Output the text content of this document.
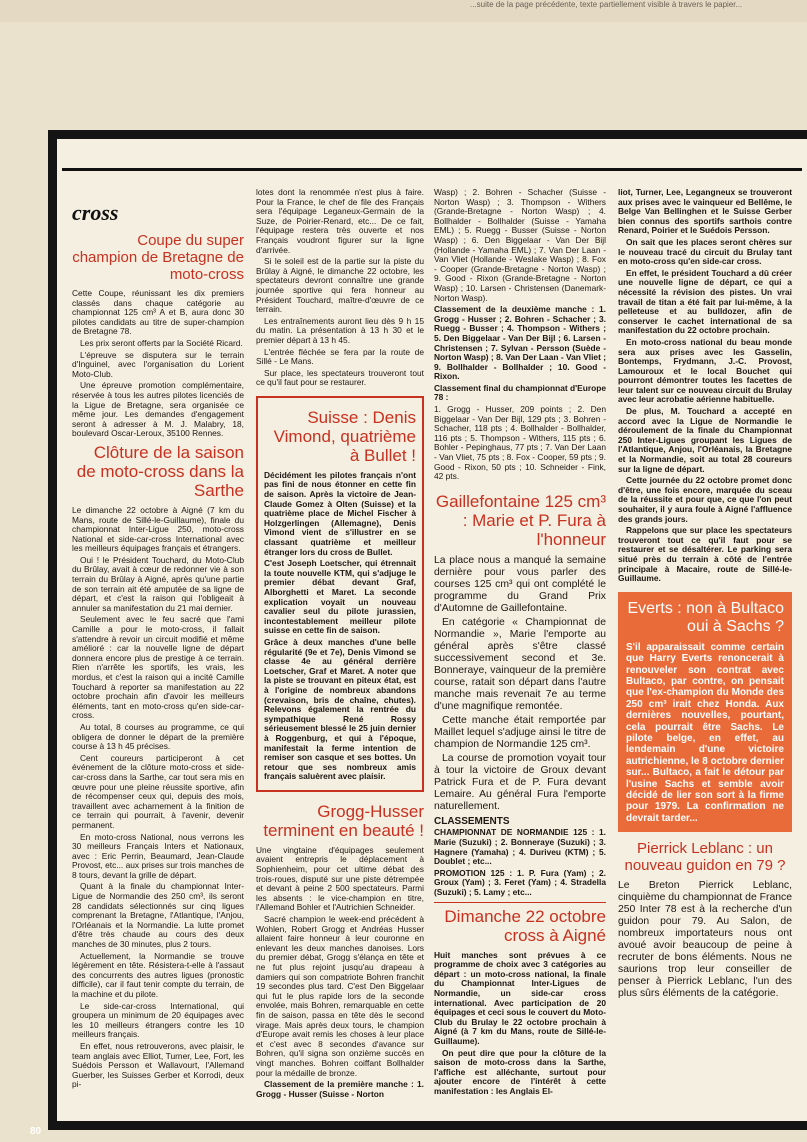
...suite de la page précédente, texte partiellement visible à travers le papier...

80
cross
Coupe du super champion de Bretagne de moto-cross

Cette Coupe, réunissant les dix premiers classés dans chaque catégorie au championnat 125 cm³ A et B, aura donc 30 pilotes candidats au titre de super-champion de Bretagne 78.

Les prix seront offerts par la Société Ricard.

L'épreuve se disputera sur le terrain d'Inguinel, avec l'organisation du Lorient Moto-Club.

Une épreuve promotion complémentaire, réservée à tous les autres pilotes licenciés de la Ligue de Bretagne, sera organisée ce même jour. Les demandes d'engagement seront à adresser à M. J. Malabry, 18, boulevard Oscar-Leroux, 35100 Rennes.

Clôture de la saison de moto-cross dans la Sarthe

Le dimanche 22 octobre à Aigné (7 km du Mans, route de Sillé-le-Guillaume), finale du championnat Inter-Ligue 250, moto-cross National et side-car-cross International avec les meilleurs équipages français et étrangers.

Oui ! le Président Touchard, du Moto-Club du Brûlay, avait à cœur de redonner vie à son terrain du Brûlay à Aigné, après qu'une partie de son terrain ait été amputée de sa ligne de départ, et c'est la raison qui l'obligeait à annuler sa manifestation du 21 mai dernier.

Seulement avec le feu sacré que l'ami Camille a pour le moto-cross, il fallait s'attendre à revoir un circuit modifié et même amélioré : car la nouvelle ligne de départ donnera encore plus de prestige à ce terrain. Rien n'arrête les sportifs, les vrais, les mordus, et c'est la raison qui a incité Camille Touchard à reporter sa manifestation au 22 octobre prochain afin d'avoir les meilleurs éléments, tant en moto-cross qu'en side-car-cross.

Au total, 8 courses au programme, ce qui obligera de donner le départ de la première course à 13 h 45 précises.

Cent coureurs participeront à cet événement de la clôture moto-cross et side-car-cross dans la Sarthe, car tout sera mis en œuvre pour une pleine réussite sportive, afin de récompenser ceux qui, depuis des mois, travaillent avec acharnement à la finition de ce terrain qui pourrait, à l'avenir, devenir permanent.

En moto-cross National, nous verrons les 30 meilleurs Français Inters et Nationaux, avec : Eric Perrin, Beaumard, Jean-Claude Provost, etc... aux prises sur trois manches de 8 tours, devant la grille de départ.

Quant à la finale du championnat Inter-Ligue de Normandie des 250 cm³, ils seront 28 candidats sélectionnés sur cinq ligues comprenant la Bretagne, l'Atlantique, l'Anjou, l'Orléanais et la Normandie. La lutte promet d'être très chaude au cours des deux manches de 30 minutes, plus 2 tours.

Actuellement, la Normandie se trouve légèrement en tête. Résistera-t-elle à l'assaut des concurrents des autres ligues (pronostic difficile), car il faut tenir compte du terrain, de la machine et du pilote.

Le side-car-cross International, qui groupera un minimum de 20 équipages avec les 10 meilleurs étrangers contre les 10 meilleurs français.

En effet, nous retrouverons, avec plaisir, le team anglais avec Elliot, Turner, Lee, Fort, les Suédois Persson et Wallavourt, l'Allemand Guerber, les Suisses Gerber et Korrodi, deux pi-

lotes dont la renommée n'est plus à faire. Pour la France, le chef de file des Français sera l'équipage Leganeux-Germain de la Suze, de Poirier-Renard, etc... De ce fait, l'équipage restera très ouverte et nos Français voudront figurer sur la ligne d'arrivée.

Si le soleil est de la partie sur la piste du Brûlay à Aigné, le dimanche 22 octobre, les spectateurs devront connaître une grande journée sportive qui fera honneur au Président Touchard, maître-d'œuvre de ce terrain.

Les entraînements auront lieu dès 9 h 15 du matin. La présentation à 13 h 30 et le premier départ à 13 h 45.

L'entrée fléchée se fera par la route de Sillé - Le Mans.

Sur place, les spectateurs trouveront tout ce qu'il faut pour se restaurer.

Suisse : Denis Vimond, quatrième à Bullet !

Décidément les pilotes français n'ont pas fini de nous étonner en cette fin de saison. Après la victoire de Jean-Claude Gomez à Olten (Suisse) et la quatrième place de Michel Fischer à Holzgerlingen (Allemagne), Denis Vimond vient de s'illustrer en se classant quatrième et meilleur étranger lors du cross de Bullet.

C'est Joseph Loetscher, qui étrennait la toute nouvelle KTM, qui s'adjuge le premier débat devant Graf, Alborghetti et Maret. La seconde explication voyait un nouveau cavalier seul du pilote jurassien, incontestablement meilleur pilote suisse en cette fin de saison.

Grâce à deux manches d'une belle régularité (9e et 7e), Denis Vimond se classe 4e au général derrière Loetscher, Graf et Maret. A noter que la piste se trouvant en piteux état, est à l'origine de nombreux abandons (crevaison, bris de chaîne, chutes). Relevons également la rentrée du sympathique René Rossy sérieusement blessé le 25 juin dernier à Roggenburg, et qui à l'époque, manifestait la ferme intention de remiser son casque et ses bottes. Un retour que ses nombreux amis français saluèrent avec plaisir.

Grogg-Husser terminent en beauté !

Une vingtaine d'équipages seulement avaient entrepris le déplacement à Sophienheim, pour cet ultime débat des trois-roues, disputé sur une piste détrempée et devant à peine 2 500 spectateurs. Parmi les absents : le vice-champion en titre, l'Allemand Bohler et l'Autrichien Schneider.

Sacré champion le week-end précédent à Wohlen, Robert Grogg et Andréas Husser allaient faire honneur à leur couronne en enlevant les deux manches danoises. Lors du premier débat, Grogg s'élança en tête et ne fut plus rejoint jusqu'au drapeau à damiers qui son compatriote Bohren franchit 19 secondes plus tard. C'est Den Biggelaar qui fut le plus rapide lors de la seconde envolée, mais Bohren, remarquable en cette fin de saison, passa en tête dès le second virage. Mais après deux tours, le champion d'Europe avait remis les choses à leur place et c'est avec 8 secondes d'avance sur Bohren, qu'il signa son onzième succès en vingt manches. Bohren coiffant Bollhalder pour la médaille de bronze.

Classement de la première manche : 1. Grogg - Husser (Suisse - Norton

Wasp) ; 2. Bohren - Schacher (Suisse - Norton Wasp) ; 3. Thompson - Withers (Grande-Bretagne - Norton Wasp) ; 4. Bollhalder - Bollhalder (Suisse - Yamaha EML) ; 5. Ruegg - Busser (Suisse - Norton Wasp) ; 6. Den Biggelaar - Van Der Bijl (Hollande - Yamaha EML) ; 7. Van Der Laan - Van Vliet (Hollande - Weslake Wasp) ; 8. Fox - Cooper (Grande-Bretagne - Norton Wasp) ; 9. Good - Rixon (Grande-Bretagne - Norton Wasp) ; 10. Larsen - Christensen (Danemark-Norton Wasp).

Classement de la deuxième manche : 1. Grogg - Husser ; 2. Bohren - Schacher ; 3. Ruegg - Busser ; 4. Thompson - Withers ; 5. Den Biggelaar - Van Der Bijl ; 6. Larsen - Christensen ; 7. Sylvan - Persson (Suède - Norton Wasp) ; 8. Van Der Laan - Van Vliet ; 9. Bollhalder - Bollhalder ; 10. Good - Rixon.

Classement final du championnat d'Europe 78 :

1. Grogg - Husser, 209 points ; 2. Den Biggelaar - Van Der Bijl, 129 pts ; 3. Bohren - Schacher, 118 pts ; 4. Bollhalder - Bollhalder, 116 pts ; 5. Thompson - Withers, 115 pts ; 6. Bohler - Pepinghaus, 77 pts ; 7. Van Der Laan - Van Vliet, 75 pts ; 8. Fox - Cooper, 59 pts ; 9. Good - Rixon, 50 pts ; 10. Schneider - Fink, 42 pts.

Gaillefontaine 125 cm³ : Marie et P. Fura à l'honneur

La place nous a manqué la semaine dernière pour vous parler des courses 125 cm³ qui ont complété le programme du Grand Prix d'Automne de Gaillefontaine.

En catégorie « Championnat de Normandie », Marie l'emporte au général après s'être classé successivement second et 3e. Bonneraye, vainqueur de la première course, ratait son départ dans l'autre manche mais revenait 7e au terme d'une magnifique remontée.

Cette manche était remportée par Maillet lequel s'adjuge ainsi le titre de champion de Normandie 125 cm³.

La course de promotion voyait tour à tour la victoire de Groux devant Patrick Fura et de P. Fura devant Lemaire. Au général Fura l'emporte naturellement.

CLASSEMENTS

CHAMPIONNAT DE NORMANDIE 125 : 1. Marie (Suzuki) ; 2. Bonneraye (Suzuki) ; 3. Hagnere (Yamaha) ; 4. Duriveu (KTM) ; 5. Doublet ; etc...

PROMOTION 125 : 1. P. Fura (Yam) ; 2. Groux (Yam) ; 3. Feret (Yam) ; 4. Stradella (Suzuki) ; 5. Lamy ; etc...

Dimanche 22 octobre cross à Aigné

Huit manches sont prévues à ce programme de choix avec 3 catégories au départ : un moto-cross national, la finale du Championnat Inter-Ligues de Normandie, un side-car cross international. Avec participation de 20 équipages et ceci sous le couvert du Moto-Club du Brulay le 22 octobre prochain à Aigné (à 7 km du Mans, route de Sillé-le-Guillaume).

On peut dire que pour la clôture de la saison de moto-cross dans la Sarthe, l'affiche est alléchante, surtout pour ajouter encore de l'intérêt à cette manifestation : les Anglais El-

liot, Turner, Lee, Legangneux se trouveront aux prises avec le vainqueur ed Bellême, le Belge Van Bellinghen et le Suisse Gerber bien connus des sportifs sarthois contre Renard, Poirier et le Suédois Persson.

On sait que les places seront chères sur le nouveau tracé du circuit du Brulay tant en moto-cross qu'en side-car cross.

En effet, le président Touchard a dû créer une nouvelle ligne de départ, ce qui a nécessité la révision des pistes. Un vrai travail de titan a été fait par lui-même, à la pelleteuse et au bulldozer, afin de conserver le cachet international de sa manifestation du 22 octobre prochain.

En moto-cross national du beau monde sera aux prises avec les Gasselin, Bontemps, Frydmann, J.-C. Provost, Lamouroux et le local Bouchet qui pourront démontrer toutes les facettes de leur talent sur ce nouveau circuit du Brulay avec leur acrobatie aérienne habituelle.

De plus, M. Touchard a accepté en accord avec la Ligue de Normandie le déroulement de la finale du Championnat 250 Inter-Ligues groupant les Ligues de l'Atlantique, Anjou, l'Orléanais, la Bretagne et la Normandie, soit au total 28 coureurs sur la ligne de départ.

Cette journée du 22 octobre promet donc d'être, une fois encore, marquée du sceau de la réussite et pour que, ce que l'on peut souhaiter, il y aura foule à Aigné l'affluence des grands jours.

Rappelons que sur place les spectateurs trouveront tout ce qu'il faut pour se restaurer et se désaltérer. Le parking sera situé près du terrain à côté de l'entrée principale à Macaire, route de Sillé-le-Guillaume.

Everts : non à Bultaco oui à Sachs ?

S'il apparaissait comme certain que Harry Everts renoncerait à renouveler son contrat avec Bultaco, par contre, on pensait que l'ex-champion du Monde des 250 cm³ irait chez Honda. Aux dernières nouvelles, pourtant, cela pourrait être Sachs. Le pilote belge, en effet, au lendemain d'une victoire autrichienne, le 8 octobre dernier sur... Bultaco, a fait le détour par l'usine Sachs et semble avoir décidé de lier son sort à la firme pour 1979. La confirmation ne devrait tarder...

Pierrick Leblanc : un nouveau guidon en 79 ?

Le Breton Pierrick Leblanc, cinquième du championnat de France 250 Inter 78 est à la recherche d'un guidon pour 79. Au Salon, de nombreux importateurs nous ont avoué avoir beaucoup de peine à recruter de bons éléments. Nous ne saurions trop leur conseiller de penser à Pierrick Leblanc, l'un des plus sûrs éléments de la catégorie.
